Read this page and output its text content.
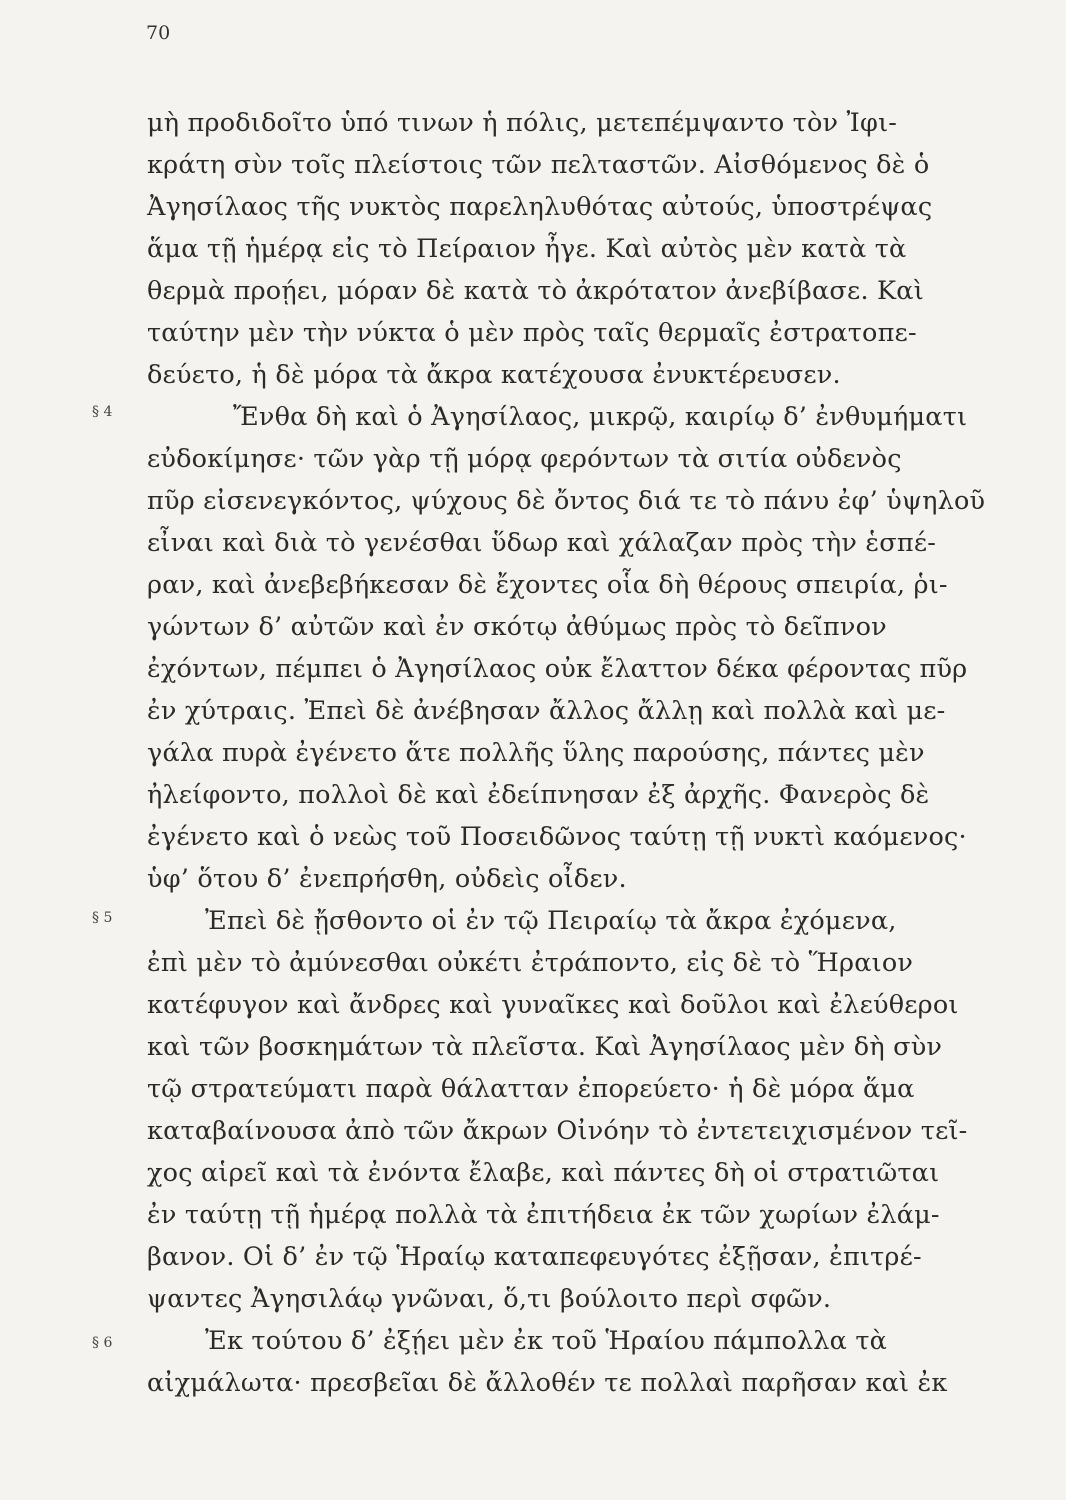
70
§ 4
§ 5
§ 6
μὴ προδιδοῖτο ὑπό τινων ἡ πόλις, μετεπέμψαντο τὸν Ἰφι-
κράτη σὺν τοῖς πλείστοις τῶν πελταστῶν. Αἰσθόμενος δὲ ὁ
Ἀγησίλαος τῆς νυκτὸς παρεληλυθότας αὐτούς, ὑποστρέψας
ἅμα τῇ ἡμέρᾳ εἰς τὸ Πείραιον ἦγε. Καὶ αὐτὸς μὲν κατὰ τὰ
θερμὰ προῄει, μόραν δὲ κατὰ τὸ ἀκρότατον ἀνεβίβασε. Καὶ
ταύτην μὲν τὴν νύκτα ὁ μὲν πρὸς ταῖς θερμαῖς ἐστρατοπε-
δεύετο, ἡ δὲ μόρα τὰ ἄκρα κατέχουσα ἐνυκτέρευσεν.
Ἔνθα δὴ καὶ ὁ Ἀγησίλαος, μικρῷ, καιρίῳ δ’ ἐνθυμήματι
εὐδοκίμησε· τῶν γὰρ τῇ μόρᾳ φερόντων τὰ σιτία οὐδενὸς
πῦρ εἰσενεγκόντος, ψύχους δὲ ὄντος διά τε τὸ πάνυ ἐφ’ ὑψηλοῦ
εἶναι καὶ διὰ τὸ γενέσθαι ὕδωρ καὶ χάλαζαν πρὸς τὴν ἑσπέ-
ραν, καὶ ἀνεβεβήκεσαν δὲ ἔχοντες οἷα δὴ θέρους σπειρία, ῥι-
γώντων δ’ αὐτῶν καὶ ἐν σκότῳ ἀθύμως πρὸς τὸ δεῖπνον
ἐχόντων, πέμπει ὁ Ἀγησίλαος οὐκ ἔλαττον δέκα φέροντας πῦρ
ἐν χύτραις. Ἐπεὶ δὲ ἀνέβησαν ἄλλος ἄλλῃ καὶ πολλὰ καὶ με-
γάλα πυρὰ ἐγένετο ἅτε πολλῆς ὕλης παρούσης, πάντες μὲν
ἠλείφοντο, πολλοὶ δὲ καὶ ἐδείπνησαν ἐξ ἀρχῆς. Φανερὸς δὲ
ἐγένετο καὶ ὁ νεὼς τοῦ Ποσειδῶνος ταύτῃ τῇ νυκτὶ καόμενος·
ὑφ’ ὅτου δ’ ἐνεπρήσθη, οὐδεὶς οἶδεν.
Ἐπεὶ δὲ ᾔσθοντο οἱ ἐν τῷ Πειραίῳ τὰ ἄκρα ἐχόμενα,
ἐπὶ μὲν τὸ ἀμύνεσθαι οὐκέτι ἐτράποντο, εἰς δὲ τὸ Ἥραιον
κατέφυγον καὶ ἄνδρες καὶ γυναῖκες καὶ δοῦλοι καὶ ἐλεύθεροι
καὶ τῶν βοσκημάτων τὰ πλεῖστα. Καὶ Ἀγησίλαος μὲν δὴ σὺν
τῷ στρατεύματι παρὰ θάλατταν ἐπορεύετο· ἡ δὲ μόρα ἅμα
καταβαίνουσα ἀπὸ τῶν ἄκρων Οἰνόην τὸ ἐντετειχισμένον τεῖ-
χος αἱρεῖ καὶ τὰ ἐνόντα ἔλαβε, καὶ πάντες δὴ οἱ στρατιῶται
ἐν ταύτῃ τῇ ἡμέρᾳ πολλὰ τὰ ἐπιτήδεια ἐκ τῶν χωρίων ἐλάμ-
βανον. Οἱ δ’ ἐν τῷ Ἡραίῳ καταπεφευγότες ἐξῇσαν, ἐπιτρέ-
ψαντες Ἀγησιλάῳ γνῶναι, ὅ,τι βούλοιτο περὶ σφῶν.
Ἐκ τούτου δ’ ἐξῄει μὲν ἐκ τοῦ Ἡραίου πάμπολλα τὰ
αἰχμάλωτα· πρεσβεῖαι δὲ ἄλλοθέν τε πολλαὶ παρῆσαν καὶ ἐκ
